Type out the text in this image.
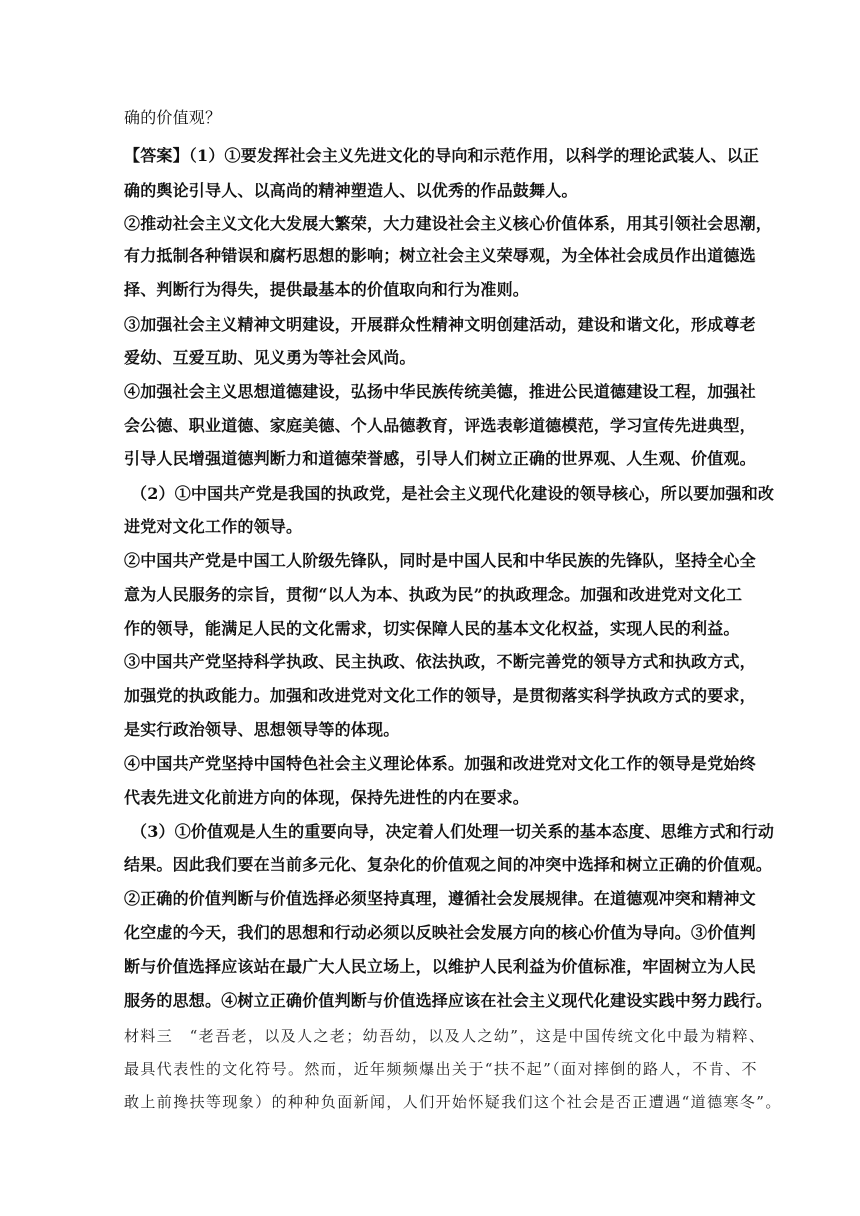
确的价值观？
【答案】（1）①要发挥社会主义先进文化的导向和示范作用，以科学的理论武装人、以正
确的舆论引导人、以高尚的精神塑造人、以优秀的作品鼓舞人。
②推动社会主义文化大发展大繁荣，大力建设社会主义核心价值体系，用其引领社会思潮，
有力抵制各种错误和腐朽思想的影响；树立社会主义荣辱观，为全体社会成员作出道德选
择、判断行为得失，提供最基本的价值取向和行为准则。
③加强社会主义精神文明建设，开展群众性精神文明创建活动，建设和谐文化，形成尊老
爱幼、互爱互助、见义勇为等社会风尚。
④加强社会主义思想道德建设，弘扬中华民族传统美德，推进公民道德建设工程，加强社
会公德、职业道德、家庭美德、个人品德教育，评选表彰道德模范，学习宣传先进典型，
引导人民增强道德判断力和道德荣誉感，引导人们树立正确的世界观、人生观、价值观。
（2）①中国共产党是我国的执政党，是社会主义现代化建设的领导核心，所以要加强和改
进党对文化工作的领导。
②中国共产党是中国工人阶级先锋队，同时是中国人民和中华民族的先锋队，坚持全心全
意为人民服务的宗旨，贯彻“以人为本、执政为民”的执政理念。加强和改进党对文化工
作的领导，能满足人民的文化需求，切实保障人民的基本文化权益，实现人民的利益。
③中国共产党坚持科学执政、民主执政、依法执政，不断完善党的领导方式和执政方式，
加强党的执政能力。加强和改进党对文化工作的领导，是贯彻落实科学执政方式的要求，
是实行政治领导、思想领导等的体现。
④中国共产党坚持中国特色社会主义理论体系。加强和改进党对文化工作的领导是党始终
代表先进文化前进方向的体现，保持先进性的内在要求。
（3）①价值观是人生的重要向导，决定着人们处理一切关系的基本态度、思维方式和行动
结果。因此我们要在当前多元化、复杂化的价值观之间的冲突中选择和树立正确的价值观。
②正确的价值判断与价值选择必须坚持真理，遵循社会发展规律。在道德观冲突和精神文
化空虚的今天，我们的思想和行动必须以反映社会发展方向的核心价值为导向。③价值判
断与价值选择应该站在最广大人民立场上，以维护人民利益为价值标准，牢固树立为人民
服务的思想。④树立正确价值判断与价值选择应该在社会主义现代化建设实践中努力践行。
材料三　“老吾老，以及人之老；幼吾幼，以及人之幼”，这是中国传统文化中最为精粹、
最具代表性的文化符号。然而，近年频频爆出关于“扶不起”（面对摔倒的路人，不肯、不
敢上前搀扶等现象）的种种负面新闻，人们开始怀疑我们这个社会是否正遭遇“道德寒冬”。
